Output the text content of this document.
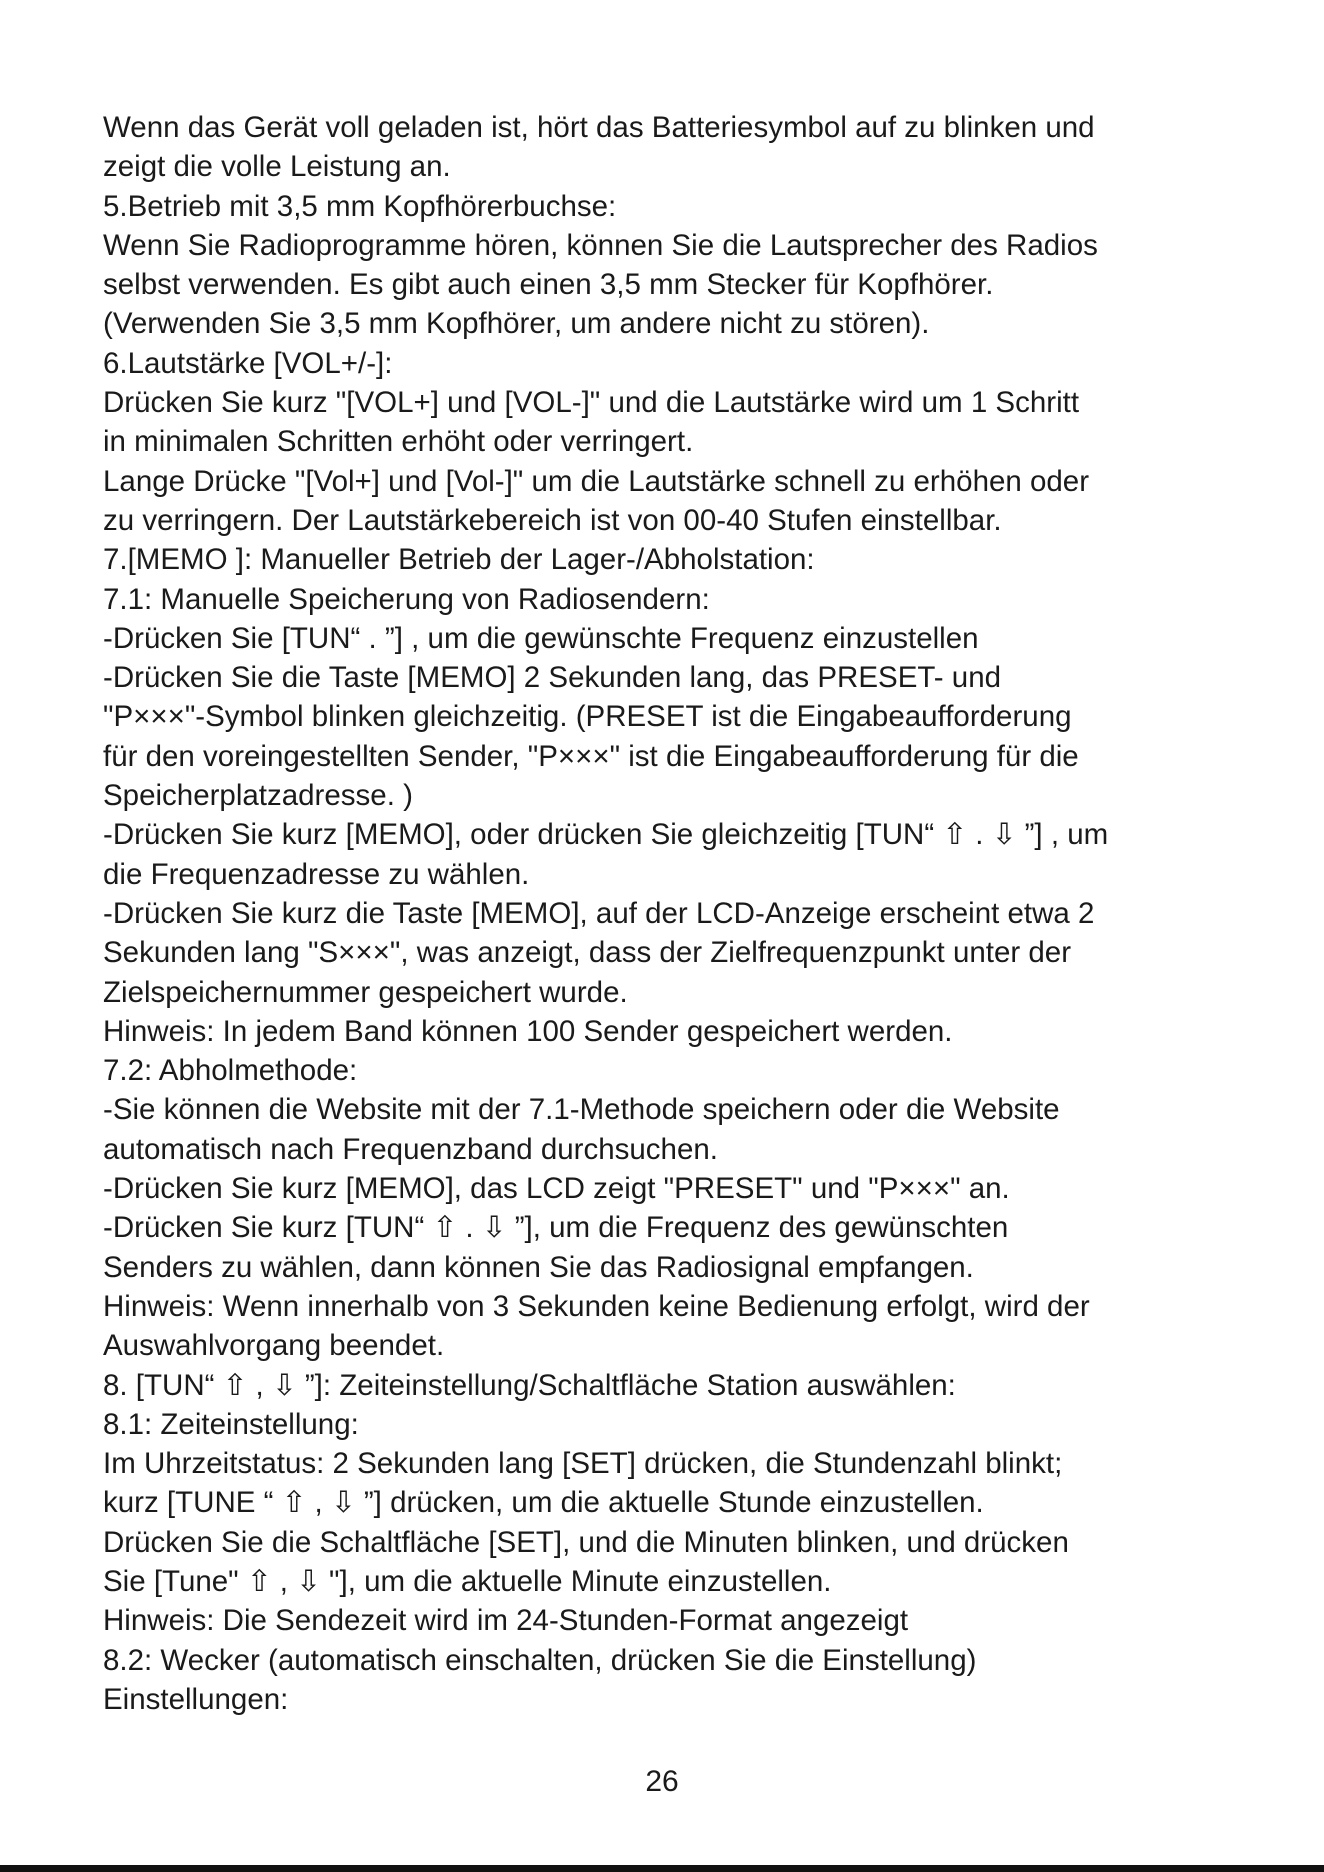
Wenn das Gerät voll geladen ist, hört das Batteriesymbol auf zu blinken und
zeigt die volle Leistung an.
5.Betrieb mit 3,5 mm Kopfhörerbuchse:
Wenn Sie Radioprogramme hören, können Sie die Lautsprecher des Radios
selbst verwenden. Es gibt auch einen 3,5 mm Stecker für Kopfhörer.
(Verwenden Sie 3,5 mm Kopfhörer, um andere nicht zu stören).
6.Lautstärke [VOL+/-]:
Drücken Sie kurz "[VOL+] und [VOL-]" und die Lautstärke wird um 1 Schritt
in minimalen Schritten erhöht oder verringert.
Lange Drücke "[Vol+] und [Vol-]" um die Lautstärke schnell zu erhöhen oder
zu verringern. Der Lautstärkebereich ist von 00-40 Stufen einstellbar.
7.[MEMO ]: Manueller Betrieb der Lager-/Abholstation:
7.1: Manuelle Speicherung von Radiosendern:
-Drücken Sie [TUN“ . ”] , um die gewünschte Frequenz einzustellen
-Drücken Sie die Taste [MEMO] 2 Sekunden lang, das PRESET- und
"P×××"-Symbol blinken gleichzeitig. (PRESET ist die Eingabeaufforderung
für den voreingestellten Sender, "P×××" ist die Eingabeaufforderung für die
Speicherplatzadresse. )
-Drücken Sie kurz [MEMO], oder drücken Sie gleichzeitig [TUN“ ⇧ . ⇩ ”] , um
die Frequenzadresse zu wählen.
-Drücken Sie kurz die Taste [MEMO], auf der LCD-Anzeige erscheint etwa 2
Sekunden lang "S×××", was anzeigt, dass der Zielfrequenzpunkt unter der
Zielspeichernummer gespeichert wurde.
Hinweis: In jedem Band können 100 Sender gespeichert werden.
7.2: Abholmethode:
-Sie können die Website mit der 7.1-Methode speichern oder die Website
automatisch nach Frequenzband durchsuchen.
-Drücken Sie kurz [MEMO], das LCD zeigt "PRESET" und "P×××" an.
-Drücken Sie kurz [TUN“ ⇧ . ⇩ ”], um die Frequenz des gewünschten
Senders zu wählen, dann können Sie das Radiosignal empfangen.
Hinweis: Wenn innerhalb von 3 Sekunden keine Bedienung erfolgt, wird der
Auswahlvorgang beendet.
8. [TUN“ ⇧ , ⇩ ”]: Zeiteinstellung/Schaltfläche Station auswählen:
8.1: Zeiteinstellung:
Im Uhrzeitstatus: 2 Sekunden lang [SET] drücken, die Stundenzahl blinkt;
kurz [TUNE “ ⇧ , ⇩ ”] drücken, um die aktuelle Stunde einzustellen.
Drücken Sie die Schaltfläche [SET], und die Minuten blinken, und drücken
Sie [Tune" ⇧ , ⇩ "], um die aktuelle Minute einzustellen.
Hinweis: Die Sendezeit wird im 24-Stunden-Format angezeigt
8.2: Wecker (automatisch einschalten, drücken Sie die Einstellung)
Einstellungen:
26
